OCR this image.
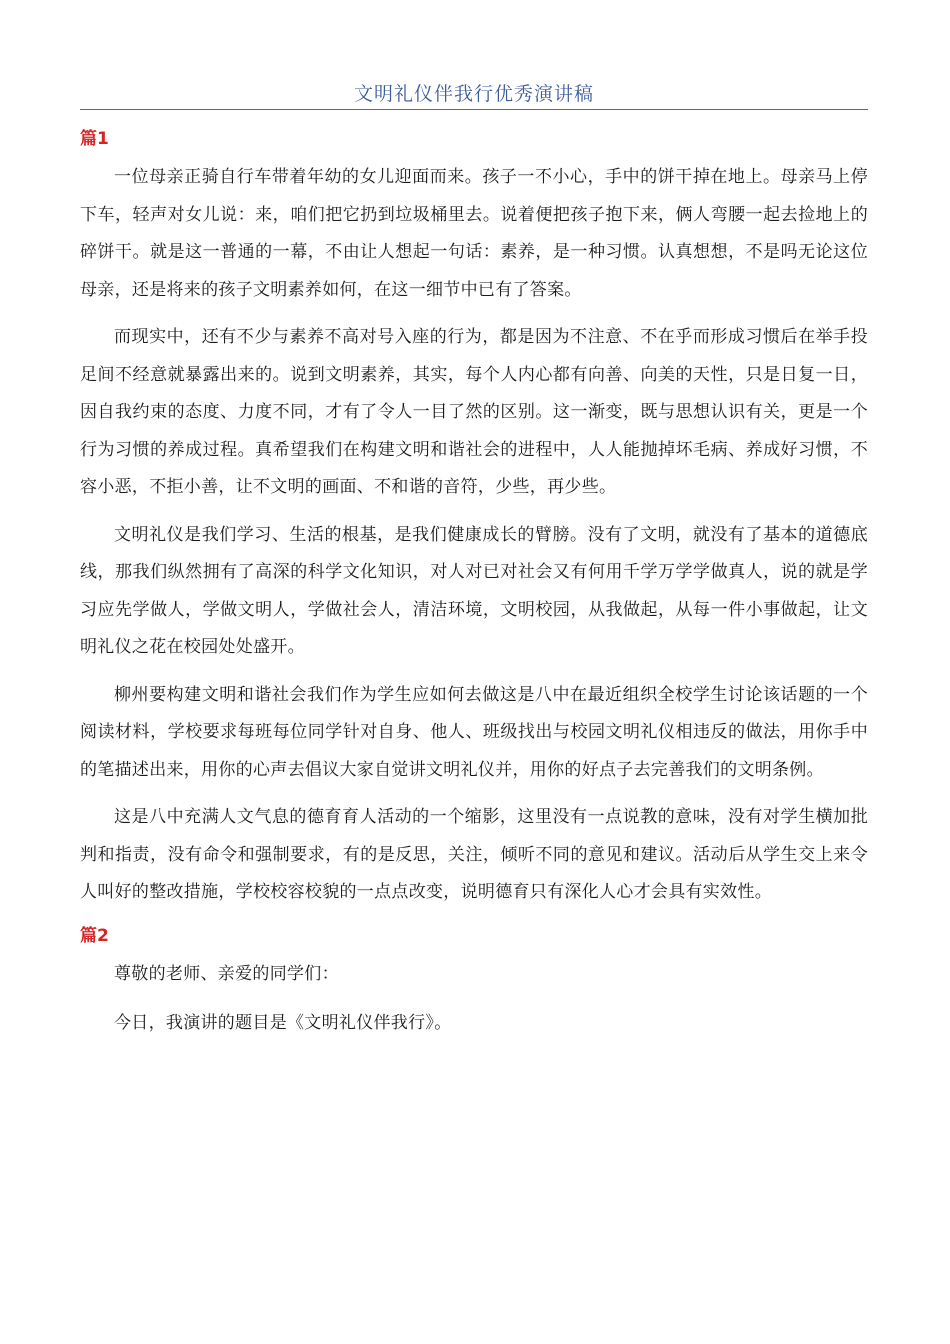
文明礼仪伴我行优秀演讲稿
篇1

一位母亲正骑自行车带着年幼的女儿迎面而来。孩子一不小心，手中的饼干掉在地上。母亲马上停下车，轻声对女儿说：来，咱们把它扔到垃圾桶里去。说着便把孩子抱下来，俩人弯腰一起去捡地上的碎饼干。就是这一普通的一幕，不由让人想起一句话：素养，是一种习惯。认真想想，不是吗无论这位母亲，还是将来的孩子文明素养如何，在这一细节中已有了答案。

而现实中，还有不少与素养不高对号入座的行为，都是因为不注意、不在乎而形成习惯后在举手投足间不经意就暴露出来的。说到文明素养，其实，每个人内心都有向善、向美的天性，只是日复一日，因自我约束的态度、力度不同，才有了令人一目了然的区别。这一渐变，既与思想认识有关，更是一个行为习惯的养成过程。真希望我们在构建文明和谐社会的进程中，人人能抛掉坏毛病、养成好习惯，不容小恶，不拒小善，让不文明的画面、不和谐的音符，少些，再少些。

文明礼仪是我们学习、生活的根基，是我们健康成长的臂膀。没有了文明，就没有了基本的道德底线，那我们纵然拥有了高深的科学文化知识，对人对已对社会又有何用千学万学学做真人，说的就是学习应先学做人，学做文明人，学做社会人，清洁环境，文明校园，从我做起，从每一件小事做起，让文明礼仪之花在校园处处盛开。

柳州要构建文明和谐社会我们作为学生应如何去做这是八中在最近组织全校学生讨论该话题的一个阅读材料，学校要求每班每位同学针对自身、他人、班级找出与校园文明礼仪相违反的做法，用你手中的笔描述出来，用你的心声去倡议大家自觉讲文明礼仪并，用你的好点子去完善我们的文明条例。

这是八中充满人文气息的德育育人活动的一个缩影，这里没有一点说教的意味，没有对学生横加批判和指责，没有命令和强制要求，有的是反思，关注，倾听不同的意见和建议。活动后从学生交上来令人叫好的整改措施，学校校容校貌的一点点改变，说明德育只有深化人心才会具有实效性。

篇2

尊敬的老师、亲爱的同学们：

今日，我演讲的题目是《文明礼仪伴我行》。
